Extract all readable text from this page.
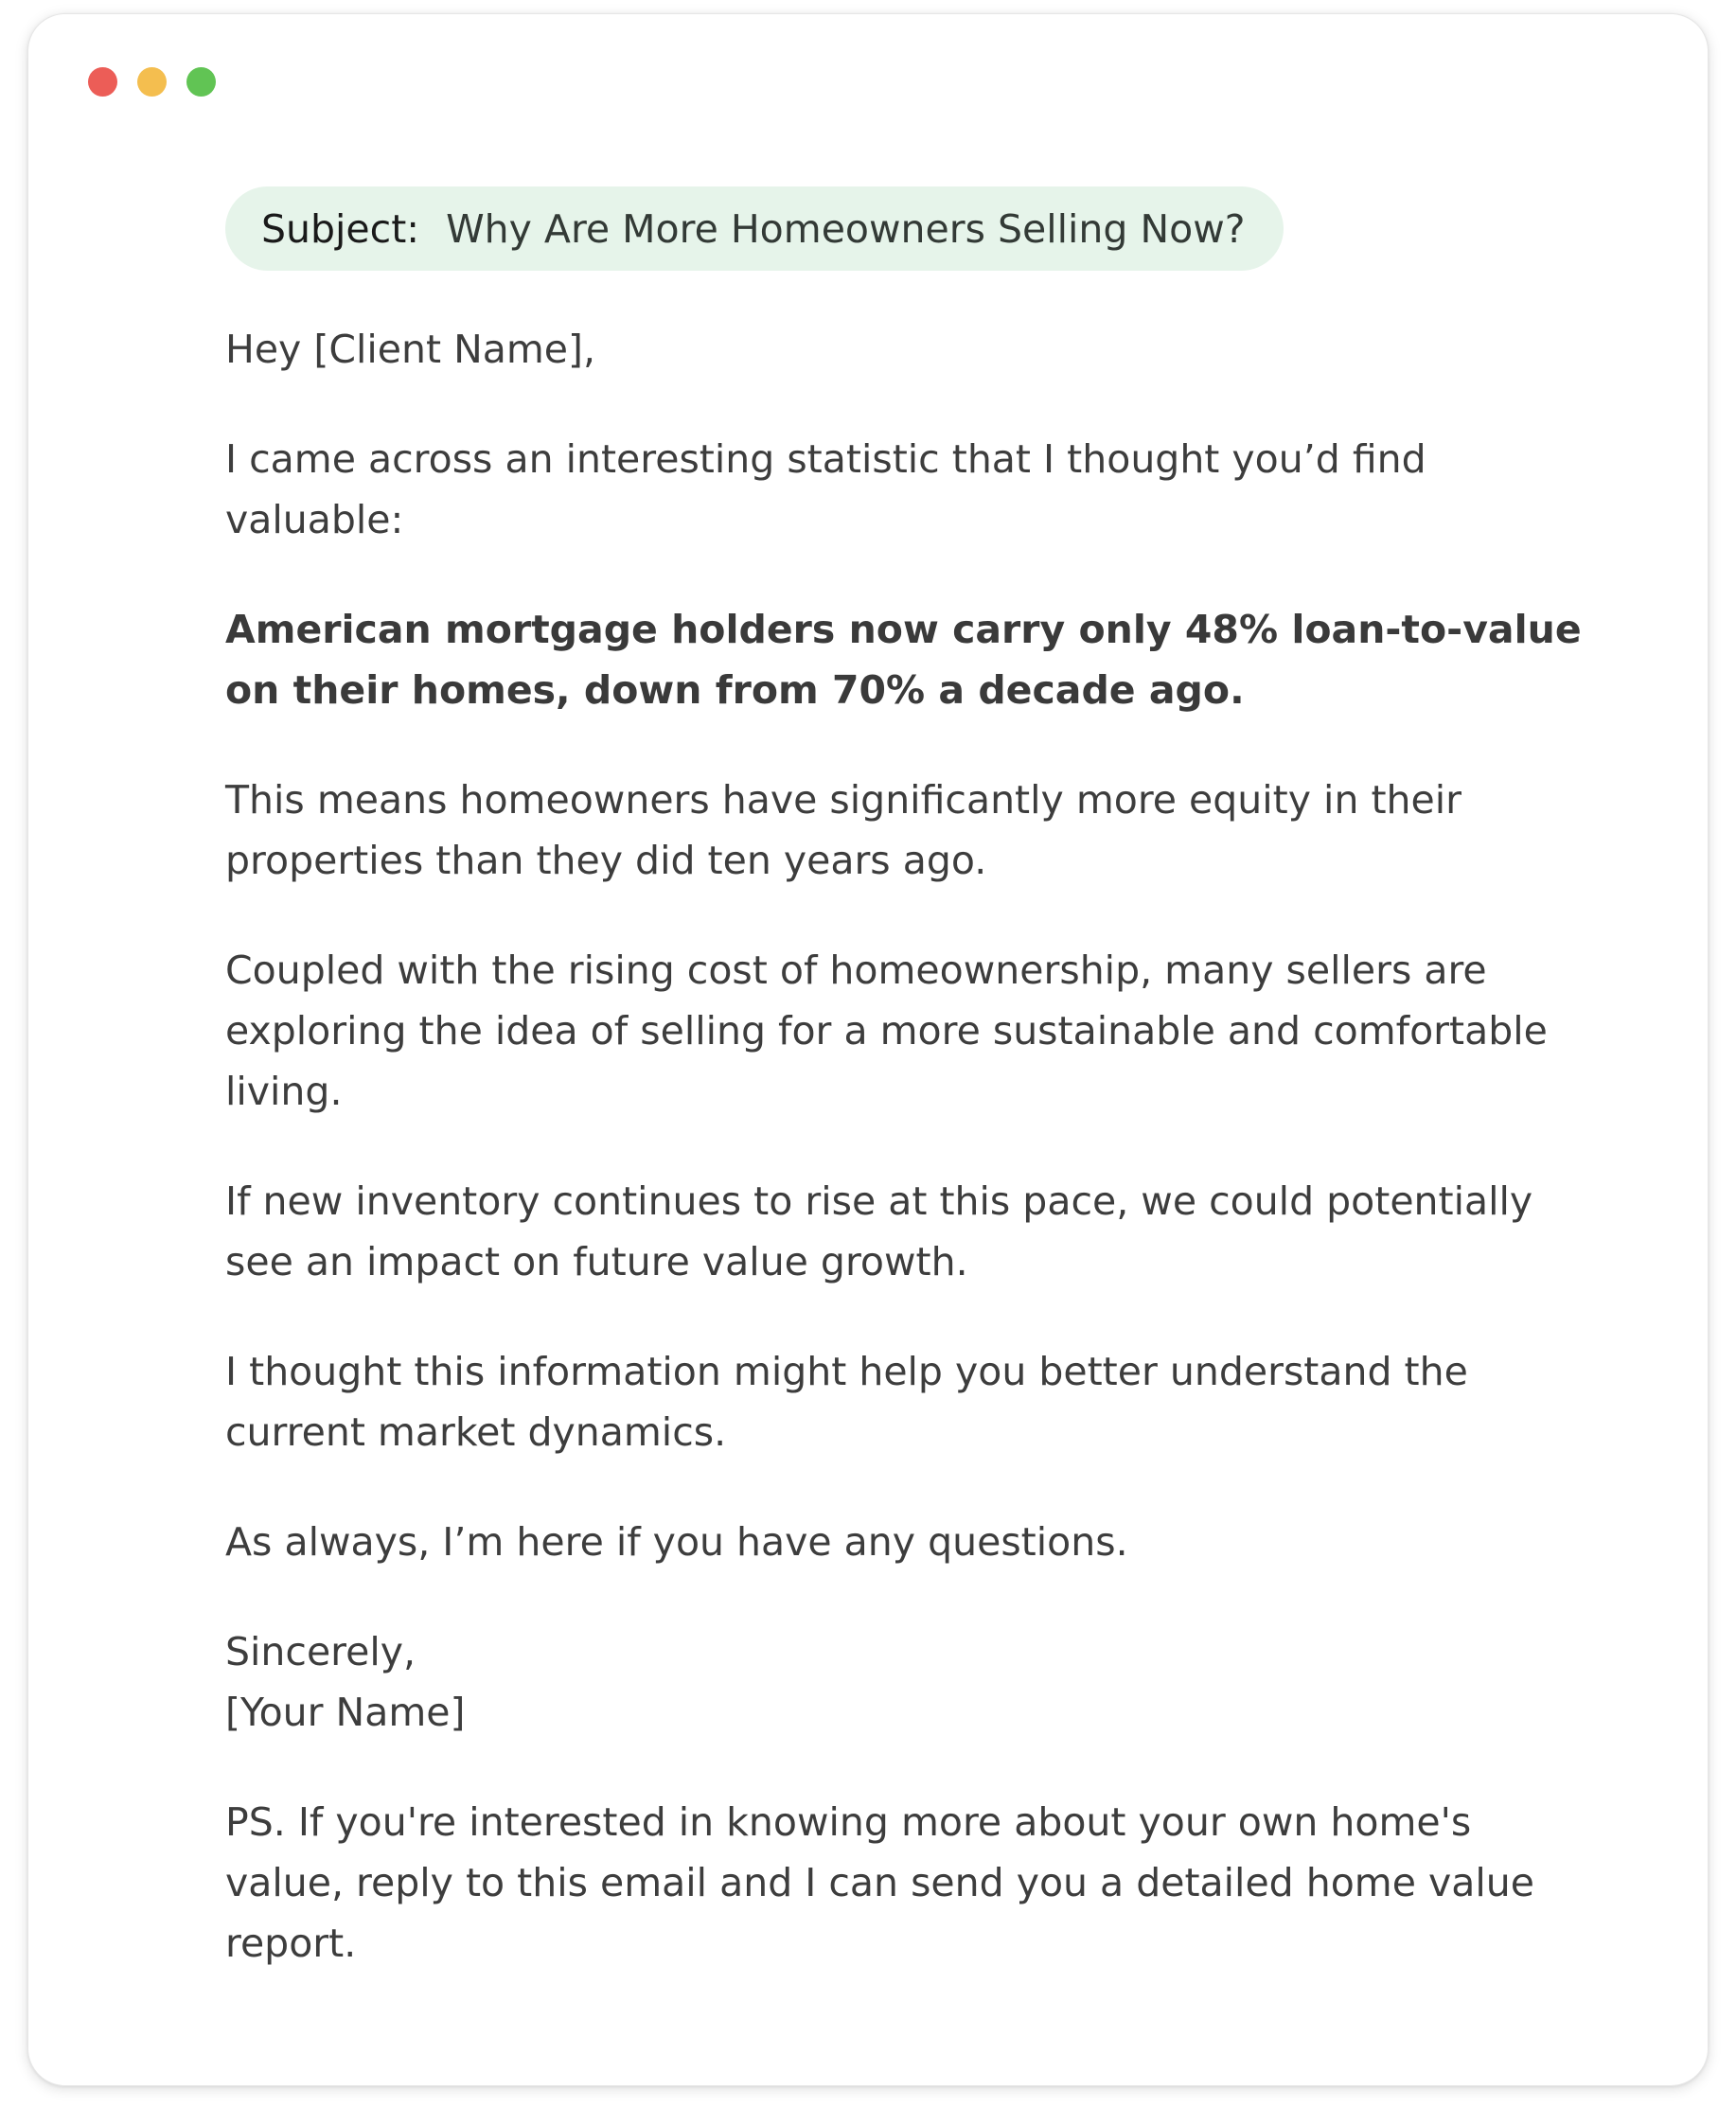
Subject: Why Are More Homeowners Selling Now?

Hey [Client Name],

I came across an interesting statistic that I thought you’d find valuable:

American mortgage holders now carry only 48% loan-to-value on their homes, down from 70% a decade ago.

This means homeowners have significantly more equity in their properties than they did ten years ago.

Coupled with the rising cost of homeownership, many sellers are exploring the idea of selling for a more sustainable and comfortable living.

If new inventory continues to rise at this pace, we could potentially see an impact on future value growth.

I thought this information might help you better understand the current market dynamics.

As always, I’m here if you have any questions.

Sincerely,
[Your Name]

PS. If you're interested in knowing more about your own home's value, reply to this email and I can send you a detailed home value report.
